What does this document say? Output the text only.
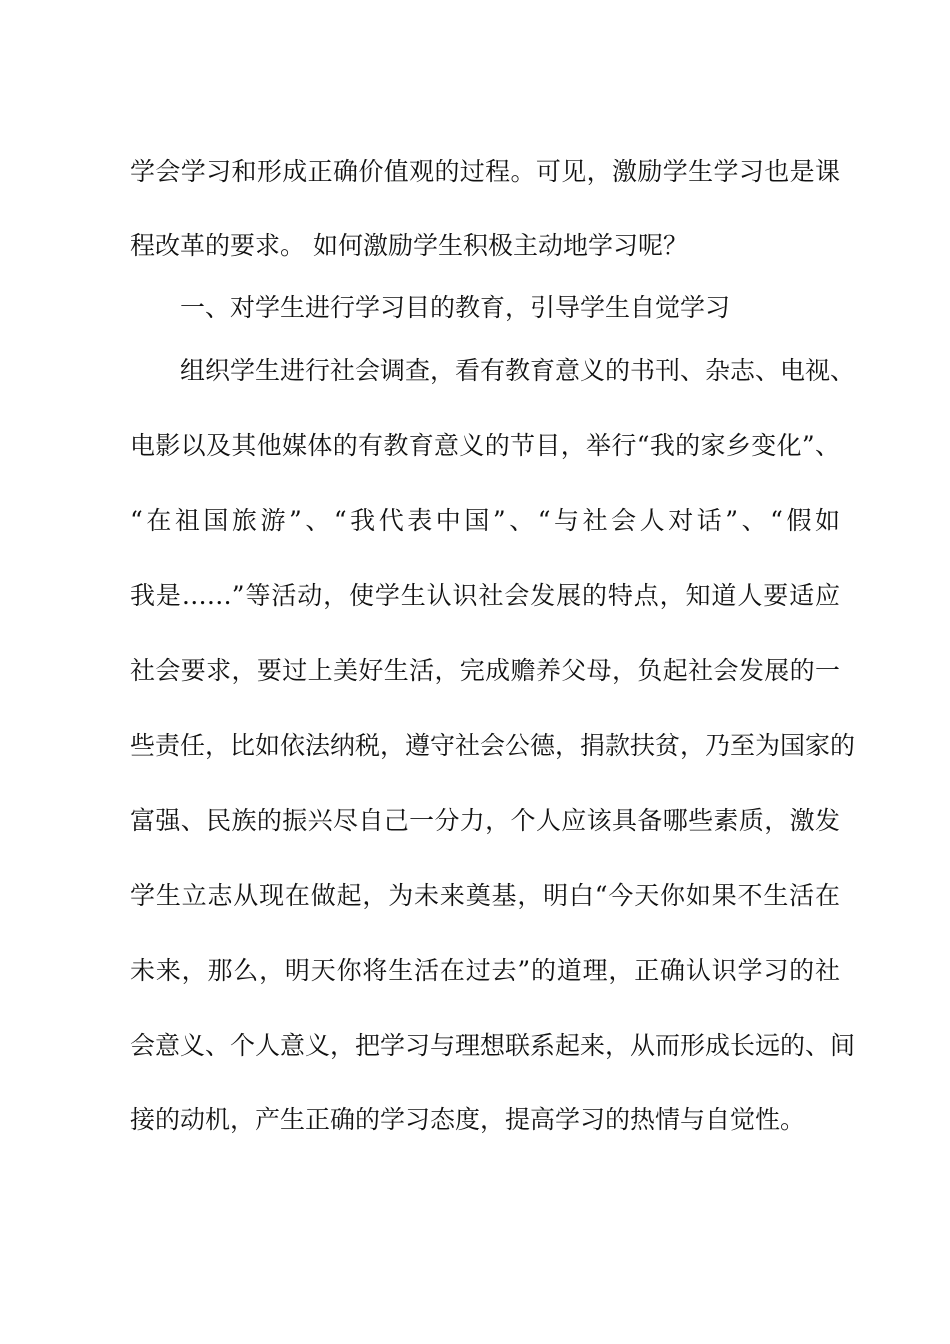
学会学习和形成正确价值观的过程。可见，激励学生学习也是课
程改革的要求。 如何激励学生积极主动地学习呢？
一、对学生进行学习目的教育，引导学生自觉学习
组织学生进行社会调查，看有教育意义的书刊、杂志、电视、
电影以及其他媒体的有教育意义的节目，举行“我的家乡变化”、
“在祖国旅游”、“我代表中国”、“与社会人对话”、“假如
我是……”等活动，使学生认识社会发展的特点，知道人要适应
社会要求，要过上美好生活，完成赡养父母，负起社会发展的一
些责任，比如依法纳税，遵守社会公德，捐款扶贫，乃至为国家的
富强、民族的振兴尽自己一分力，个人应该具备哪些素质，激发
学生立志从现在做起，为未来奠基，明白“今天你如果不生活在
未来，那么，明天你将生活在过去”的道理，正确认识学习的社
会意义、个人意义，把学习与理想联系起来，从而形成长远的、间
接的动机，产生正确的学习态度，提高学习的热情与自觉性。
